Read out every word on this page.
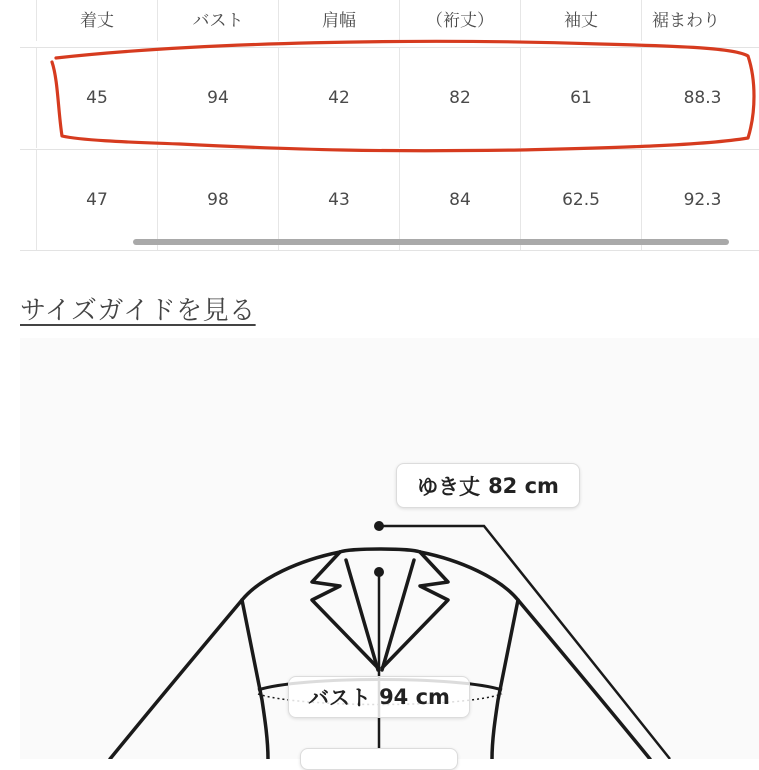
着丈	バスト	肩幅	（裄丈）	袖丈	裾まわり
45	94	42	82	61	88.3
47	98	43	84	62.5	92.3
サイズガイドを見る
ゆき丈 82 cm
バスト 94 cm
